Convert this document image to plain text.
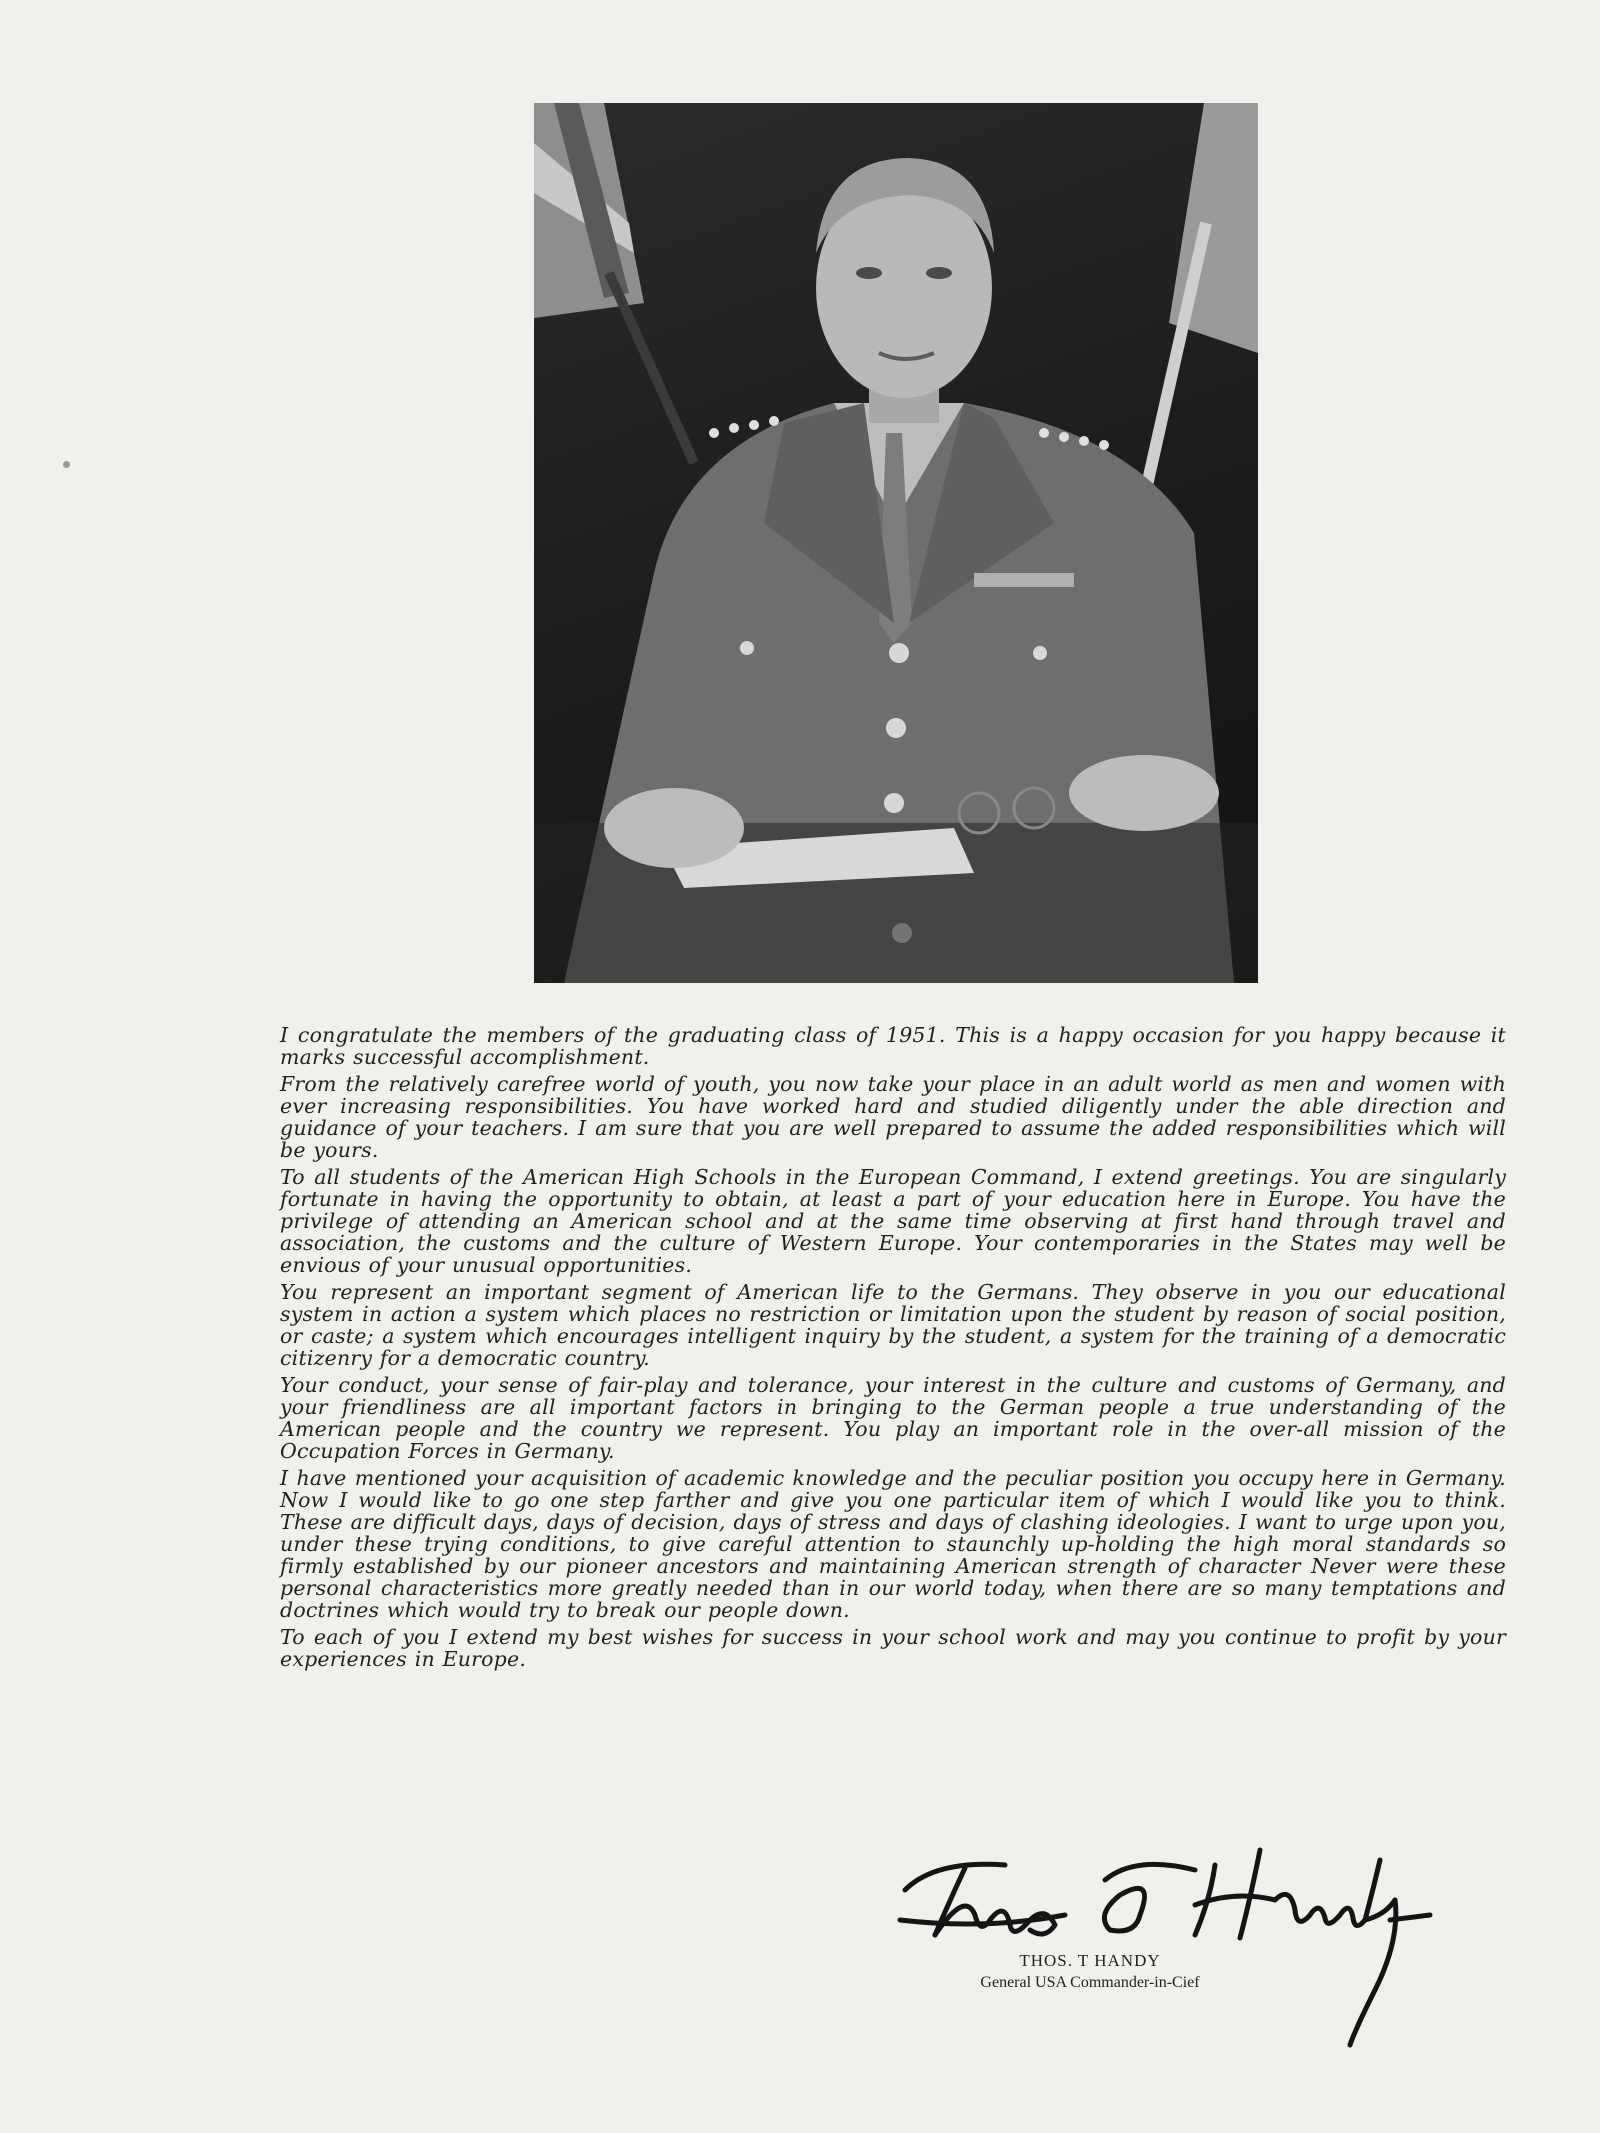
I congratulate the members of the graduating class of 1951. This is a happy occasion for you happy because it marks successful accomplishment.

From the relatively carefree world of youth, you now take your place in an adult world as men and women with ever increasing responsibilities. You have worked hard and studied diligently under the able direction and guidance of your teachers. I am sure that you are well prepared to assume the added responsibilities which will be yours.

To all students of the American High Schools in the European Command, I extend greetings. You are singularly fortunate in having the opportunity to obtain, at least a part of your education here in Europe. You have the privilege of attending an American school and at the same time observing at first hand through travel and association, the customs and the culture of Western Europe. Your contemporaries in the States may well be envious of your unusual opportunities.

You represent an important segment of American life to the Germans. They observe in you our educational system in action a system which places no restriction or limitation upon the student by reason of social position, or caste; a system which encourages intelligent inquiry by the student, a system for the training of a democratic citizenry for a democratic country.

Your conduct, your sense of fair-play and tolerance, your interest in the culture and customs of Germany, and your friendliness are all important factors in bringing to the German people a true understanding of the American people and the country we represent. You play an important role in the over-all mission of the Occupation Forces in Germany.

I have mentioned your acquisition of academic knowledge and the peculiar position you occupy here in Germany. Now I would like to go one step farther and give you one particular item of which I would like you to think. These are difficult days, days of decision, days of stress and days of clashing ideologies. I want to urge upon you, under these trying conditions, to give careful attention to staunchly up-holding the high moral standards so firmly established by our pioneer ancestors and maintaining American strength of character Never were these personal characteristics more greatly needed than in our world today, when there are so many temptations and doctrines which would try to break our people down.

To each of you I extend my best wishes for success in your school work and may you continue to profit by your experiences in Europe.

THOS. T HANDY
General USA Commander-in-Cief
